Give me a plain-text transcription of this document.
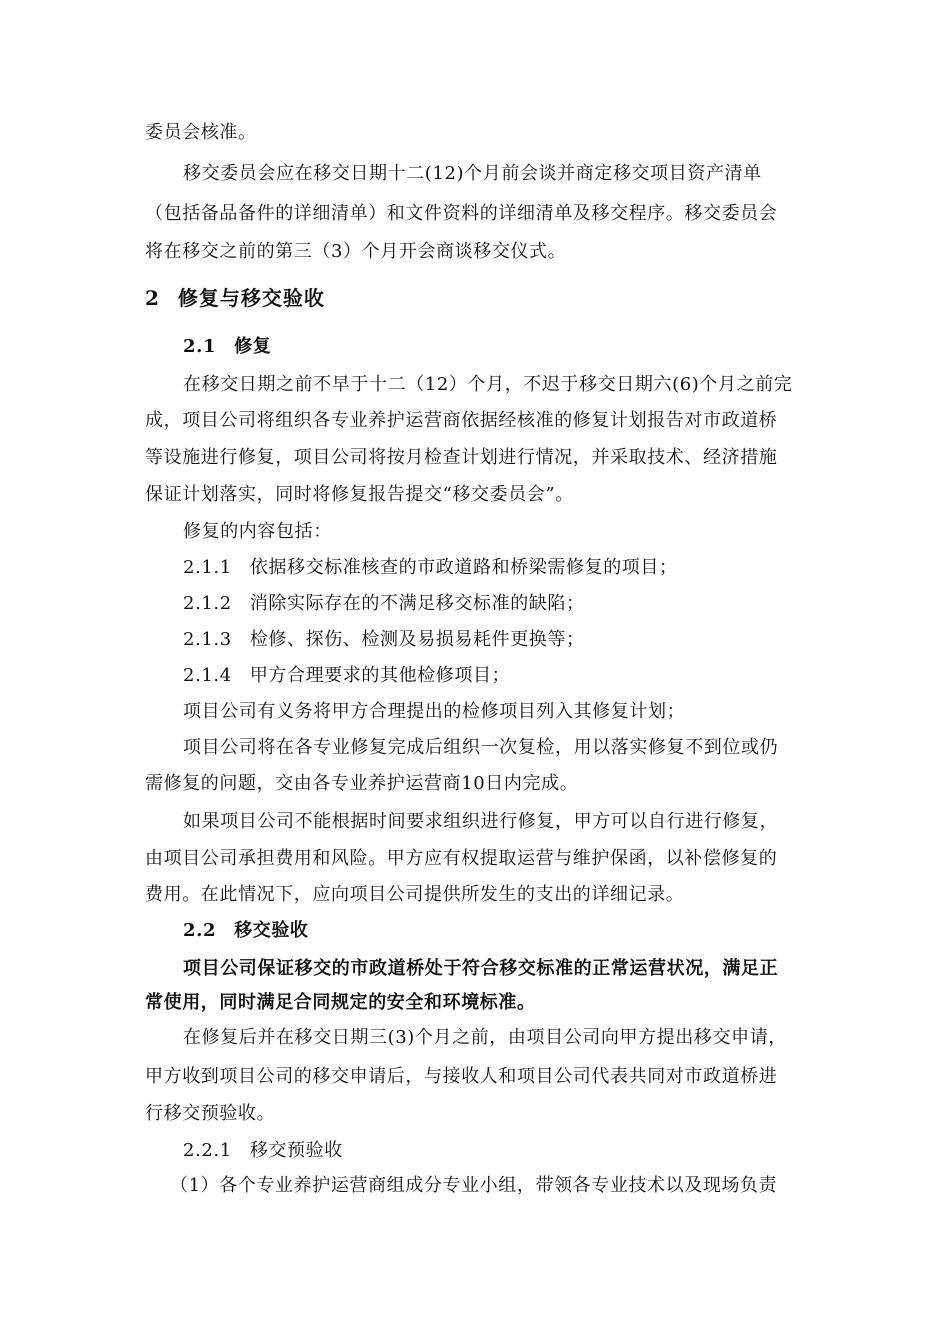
委员会核准。
移交委员会应在移交日期十二(12)个月前会谈并商定移交项目资产清单
（包括备品备件的详细清单）和文件资料的详细清单及移交程序。移交委员会
将在移交之前的第三（3）个月开会商谈移交仪式。
2 修复与移交验收
2.1 修复
在移交日期之前不早于十二（12）个月，不迟于移交日期六(6)个月之前完
成，项目公司将组织各专业养护运营商依据经核准的修复计划报告对市政道桥
等设施进行修复，项目公司将按月检查计划进行情况，并采取技术、经济措施
保证计划落实，同时将修复报告提交“移交委员会”。
修复的内容包括：
2.1.1 依据移交标准核查的市政道路和桥梁需修复的项目；
2.1.2 消除实际存在的不满足移交标准的缺陷；
2.1.3 检修、探伤、检测及易损易耗件更换等；
2.1.4 甲方合理要求的其他检修项目；
项目公司有义务将甲方合理提出的检修项目列入其修复计划；
项目公司将在各专业修复完成后组织一次复检，用以落实修复不到位或仍
需修复的问题，交由各专业养护运营商10日内完成。
如果项目公司不能根据时间要求组织进行修复，甲方可以自行进行修复，
由项目公司承担费用和风险。甲方应有权提取运营与维护保函，以补偿修复的
费用。在此情况下，应向项目公司提供所发生的支出的详细记录。
2.2 移交验收
项目公司保证移交的市政道桥处于符合移交标准的正常运营状况，满足正
常使用，同时满足合同规定的安全和环境标准。
在修复后并在移交日期三(3)个月之前，由项目公司向甲方提出移交申请，
甲方收到项目公司的移交申请后，与接收人和项目公司代表共同对市政道桥进
行移交预验收。
2.2.1 移交预验收
（1）各个专业养护运营商组成分专业小组，带领各专业技术以及现场负责
